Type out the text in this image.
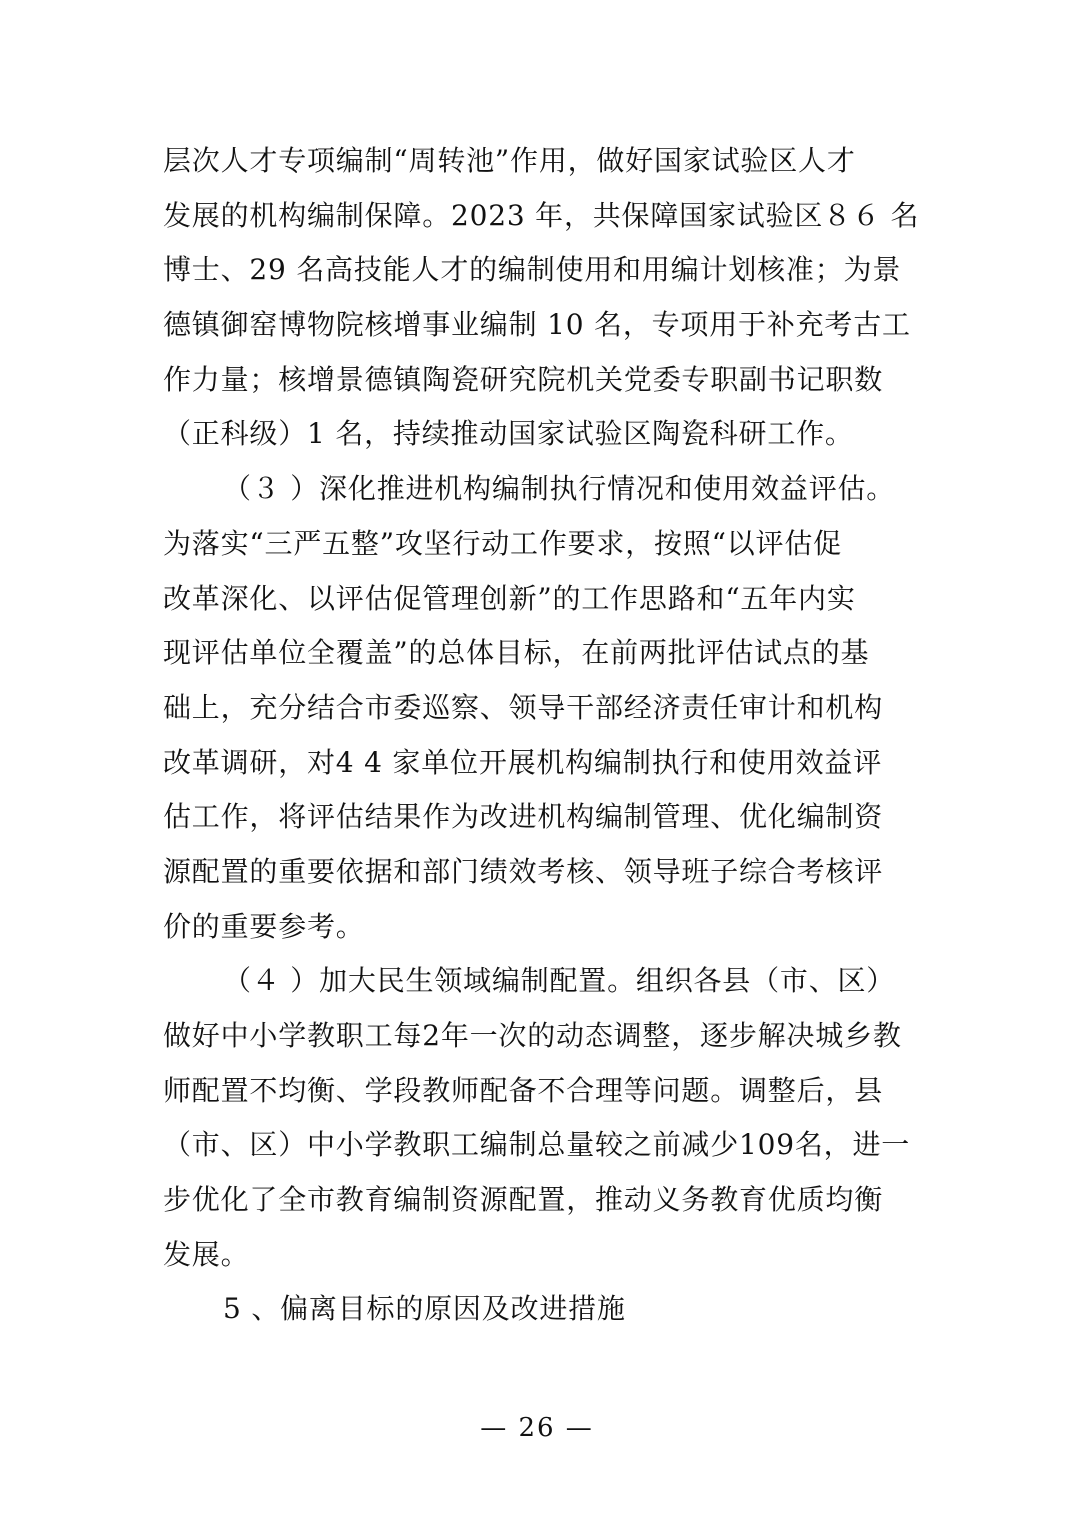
层次人才专项编制“周转池”作用，做好国家试验区人才
发展的机构编制保障。2023 年，共保障国家试验区８６ 名
博士、29 名高技能人才的编制使用和用编计划核准；为景
德镇御窑博物院核增事业编制 10 名，专项用于补充考古工
作力量；核增景德镇陶瓷研究院机关党委专职副书记职数
（正科级）1 名，持续推动国家试验区陶瓷科研工作。
（３ ）深化推进机构编制执行情况和使用效益评估。
为落实“三严五整”攻坚行动工作要求，按照“以评估促
改革深化、以评估促管理创新”的工作思路和“五年内实
现评估单位全覆盖”的总体目标，在前两批评估试点的基
础上，充分结合市委巡察、领导干部经济责任审计和机构
改革调研，对4 4 家单位开展机构编制执行和使用效益评
估工作，将评估结果作为改进机构编制管理、优化编制资
源配置的重要依据和部门绩效考核、领导班子综合考核评
价的重要参考。
（４ ）加大民生领域编制配置。组织各县（市、区）
做好中小学教职工每2年一次的动态调整，逐步解决城乡教
师配置不均衡、学段教师配备不合理等问题。调整后，县
（市、区）中小学教职工编制总量较之前减少109名，进一
步优化了全市教育编制资源配置，推动义务教育优质均衡
发展。
5 、偏离目标的原因及改进措施
— 26 —
